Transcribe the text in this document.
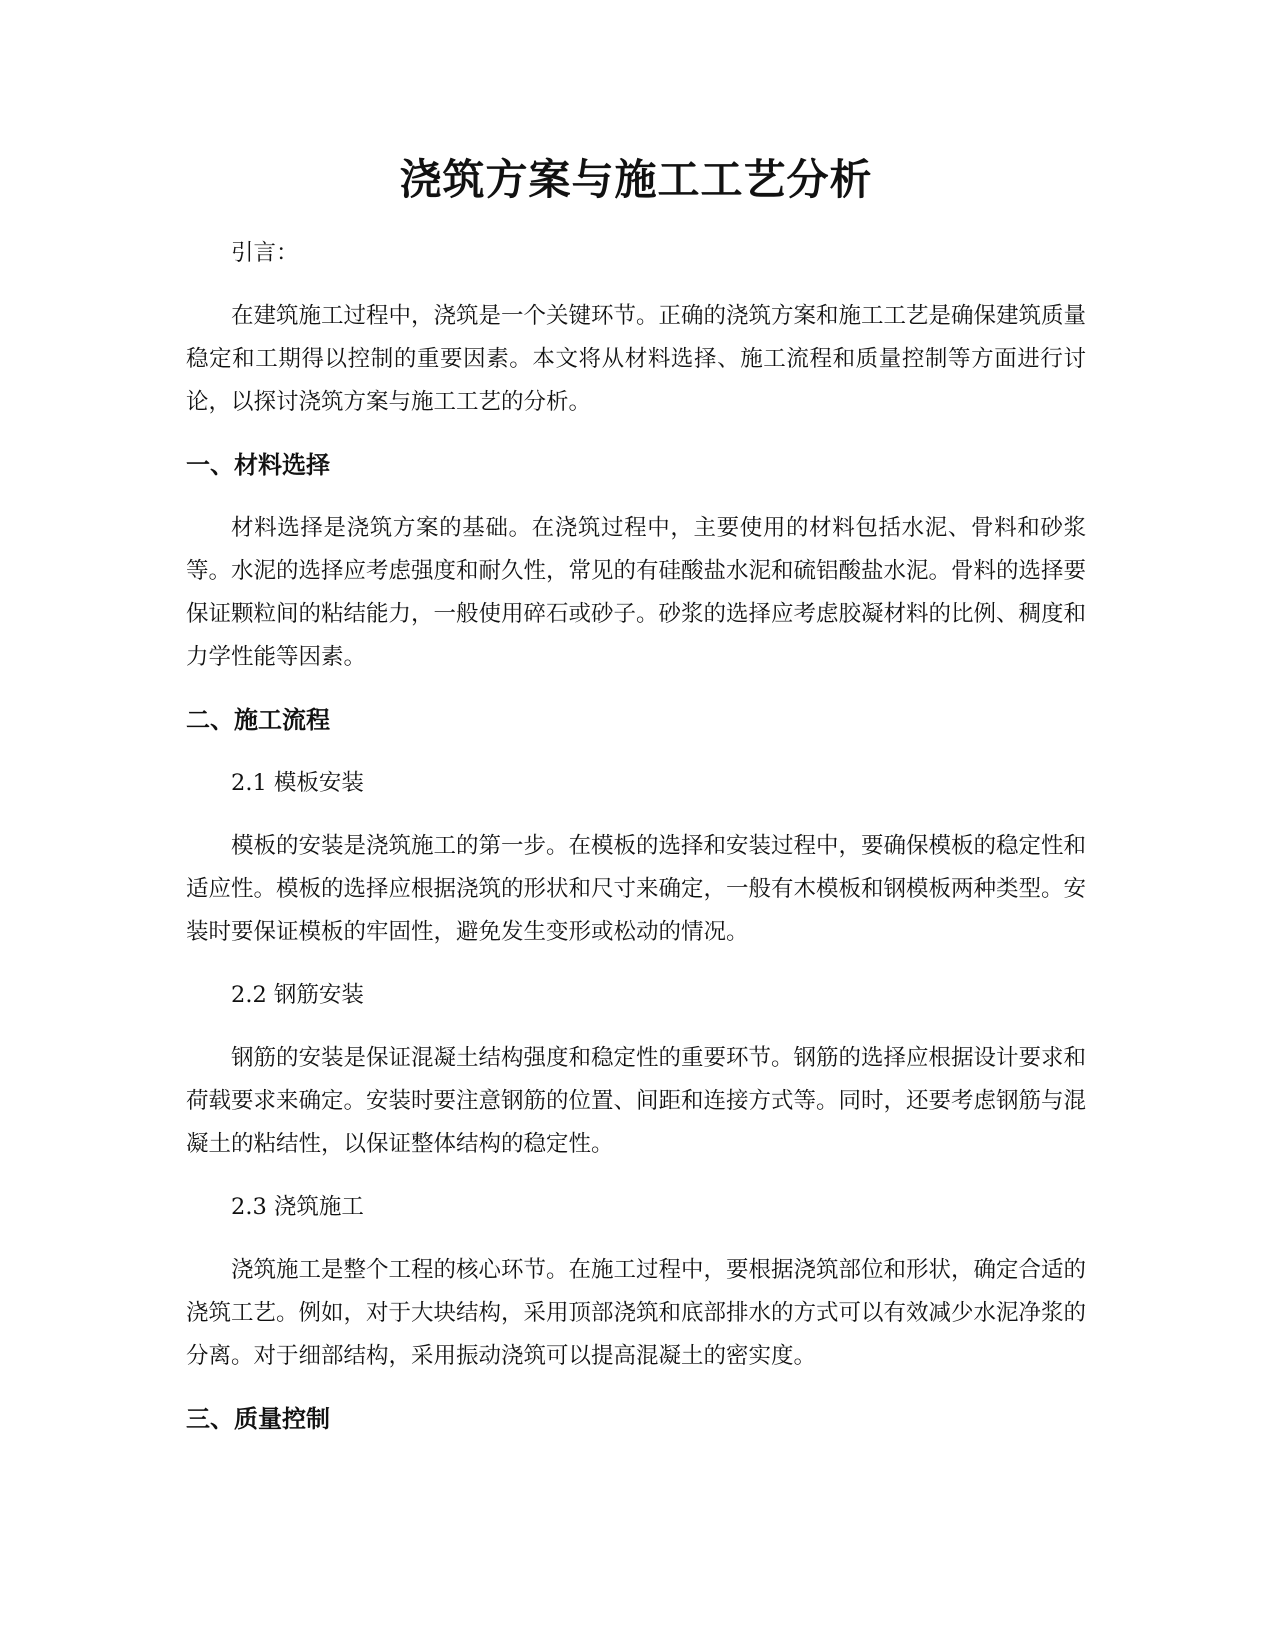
浇筑方案与施工工艺分析

引言：

在建筑施工过程中，浇筑是一个关键环节。正确的浇筑方案和施工工艺是确保建筑质量稳定和工期得以控制的重要因素。本文将从材料选择、施工流程和质量控制等方面进行讨论，以探讨浇筑方案与施工工艺的分析。

一、材料选择

材料选择是浇筑方案的基础。在浇筑过程中，主要使用的材料包括水泥、骨料和砂浆等。水泥的选择应考虑强度和耐久性，常见的有硅酸盐水泥和硫铝酸盐水泥。骨料的选择要保证颗粒间的粘结能力，一般使用碎石或砂子。砂浆的选择应考虑胶凝材料的比例、稠度和力学性能等因素。

二、施工流程

2.1 模板安装

模板的安装是浇筑施工的第一步。在模板的选择和安装过程中，要确保模板的稳定性和适应性。模板的选择应根据浇筑的形状和尺寸来确定，一般有木模板和钢模板两种类型。安装时要保证模板的牢固性，避免发生变形或松动的情况。

2.2 钢筋安装

钢筋的安装是保证混凝土结构强度和稳定性的重要环节。钢筋的选择应根据设计要求和荷载要求来确定。安装时要注意钢筋的位置、间距和连接方式等。同时，还要考虑钢筋与混凝土的粘结性，以保证整体结构的稳定性。

2.3 浇筑施工

浇筑施工是整个工程的核心环节。在施工过程中，要根据浇筑部位和形状，确定合适的浇筑工艺。例如，对于大块结构，采用顶部浇筑和底部排水的方式可以有效减少水泥净浆的分离。对于细部结构，采用振动浇筑可以提高混凝土的密实度。

三、质量控制
